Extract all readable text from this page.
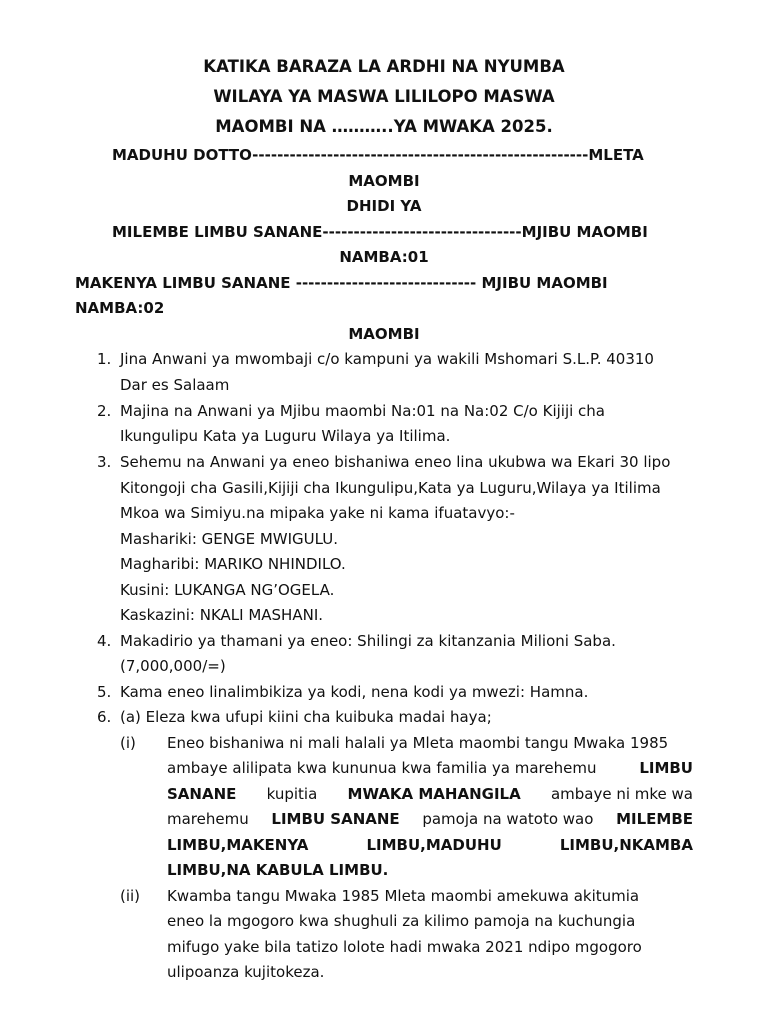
KATIKA BARAZA LA ARDHI NA NYUMBA
WILAYA YA MASWA LILILOPO MASWA
MAOMBI NA ………..YA MWAKA 2025.
MADUHU DOTTO------------------------------------------------------MLETA
MAOMBI
DHIDI YA
MILEMBE LIMBU SANANE--------------------------------MJIBU MAOMBI
NAMBA:01
MAKENYA LIMBU SANANE ----------------------------- MJIBU MAOMBI
NAMBA:02
MAOMBI
1. Jina Anwani ya mwombaji c/o kampuni ya wakili Mshomari S.L.P. 40310
Dar es Salaam
2. Majina na Anwani ya Mjibu maombi Na:01 na Na:02 C/o Kijiji cha
Ikungulipu Kata ya Luguru Wilaya ya Itilima.
3. Sehemu na Anwani ya eneo bishaniwa eneo lina ukubwa wa Ekari 30 lipo
Kitongoji cha Gasili,Kijiji cha Ikungulipu,Kata ya Luguru,Wilaya ya Itilima
Mkoa wa Simiyu.na mipaka yake ni kama ifuatavyo:-
Mashariki: GENGE MWIGULU.
Magharibi: MARIKO NHINDILO.
Kusini: LUKANGA NG’OGELA.
Kaskazini: NKALI MASHANI.
4. Makadirio ya thamani ya eneo: Shilingi za kitanzania Milioni Saba.
(7,000,000/=)
5. Kama eneo linalimbikiza ya kodi, nena kodi ya mwezi: Hamna.
6. (a) Eleza kwa ufupi kiini cha kuibuka madai haya;
(i) Eneo bishaniwa ni mali halali ya Mleta maombi tangu Mwaka 1985
ambaye alilipata kwa kununua kwa familia ya marehemu	LIMBU
SANANE kupitia MWAKA MAHANGILA ambaye ni mke wa
marehemu LIMBU SANANE pamoja na watoto wao MILEMBE
LIMBU,MAKENYA	LIMBU,MADUHU	LIMBU,NKAMBA
LIMBU,NA KABULA LIMBU.
(ii) Kwamba tangu Mwaka 1985 Mleta maombi amekuwa akitumia
eneo la mgogoro kwa shughuli za kilimo pamoja na kuchungia
mifugo yake bila tatizo lolote hadi mwaka 2021 ndipo mgogoro
ulipoanza kujitokeza.
